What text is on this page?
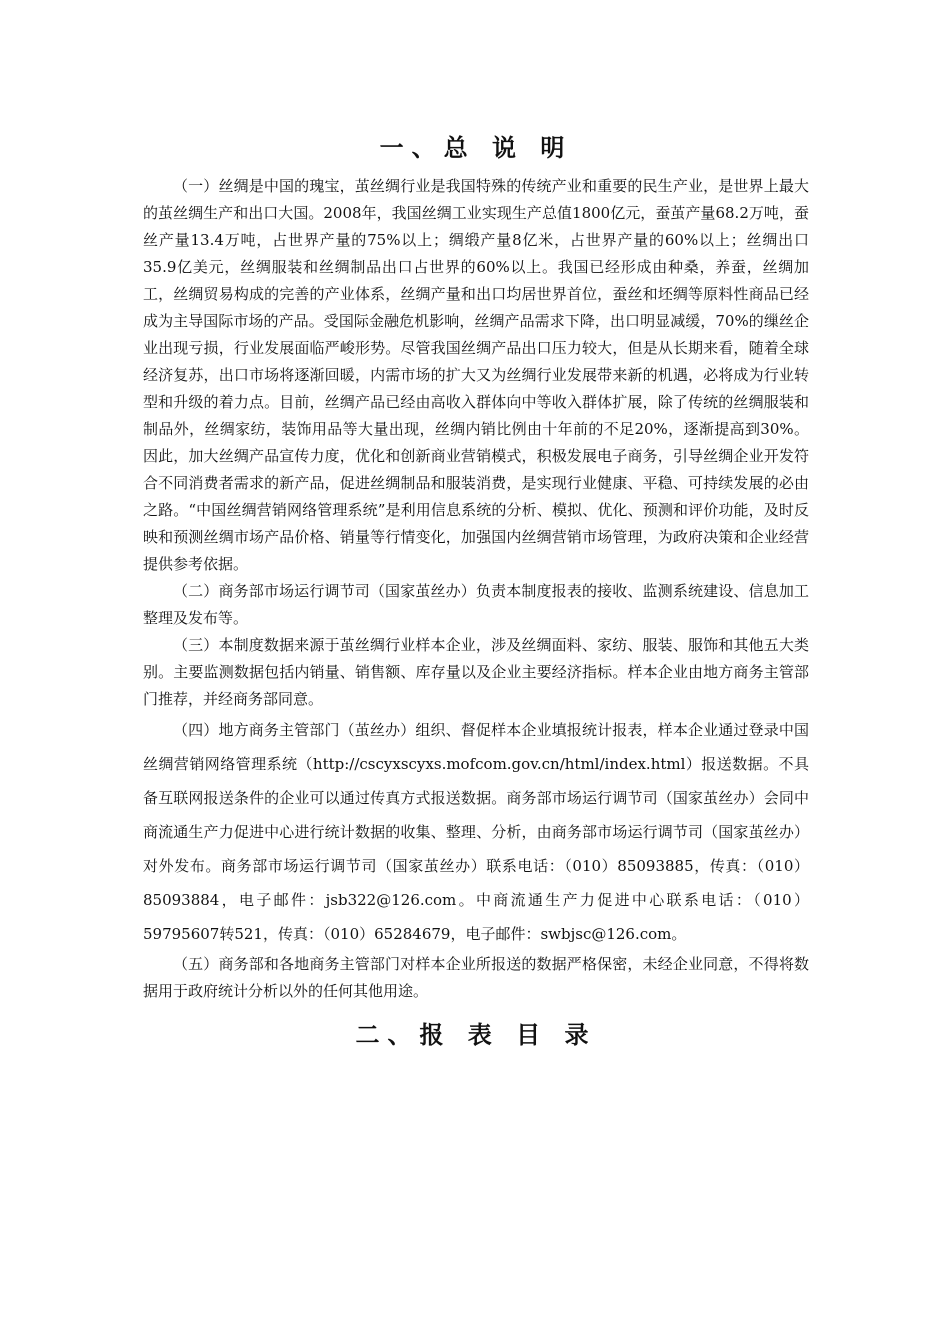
一、总 说 明

（一）丝绸是中国的瑰宝，茧丝绸行业是我国特殊的传统产业和重要的民生产业，是世界上最大的茧丝绸生产和出口大国。2008年，我国丝绸工业实现生产总值1800亿元，蚕茧产量68.2万吨，蚕丝产量13.4万吨，占世界产量的75%以上；绸缎产量8亿米，占世界产量的60%以上；丝绸出口35.9亿美元，丝绸服装和丝绸制品出口占世界的60%以上。我国已经形成由种桑，养蚕，丝绸加工，丝绸贸易构成的完善的产业体系，丝绸产量和出口均居世界首位，蚕丝和坯绸等原料性商品已经成为主导国际市场的产品。受国际金融危机影响，丝绸产品需求下降，出口明显减缓，70%的缫丝企业出现亏损，行业发展面临严峻形势。尽管我国丝绸产品出口压力较大，但是从长期来看，随着全球经济复苏，出口市场将逐渐回暖，内需市场的扩大又为丝绸行业发展带来新的机遇，必将成为行业转型和升级的着力点。目前，丝绸产品已经由高收入群体向中等收入群体扩展，除了传统的丝绸服装和制品外，丝绸家纺，装饰用品等大量出现，丝绸内销比例由十年前的不足20%，逐渐提高到30%。因此，加大丝绸产品宣传力度，优化和创新商业营销模式，积极发展电子商务，引导丝绸企业开发符合不同消费者需求的新产品，促进丝绸制品和服装消费，是实现行业健康、平稳、可持续发展的必由之路。“中国丝绸营销网络管理系统”是利用信息系统的分析、模拟、优化、预测和评价功能，及时反映和预测丝绸市场产品价格、销量等行情变化，加强国内丝绸营销市场管理，为政府决策和企业经营提供参考依据。

（二）商务部市场运行调节司（国家茧丝办）负责本制度报表的接收、监测系统建设、信息加工整理及发布等。

（三）本制度数据来源于茧丝绸行业样本企业，涉及丝绸面料、家纺、服装、服饰和其他五大类别。主要监测数据包括内销量、销售额、库存量以及企业主要经济指标。样本企业由地方商务主管部门推荐，并经商务部同意。

（四）地方商务主管部门（茧丝办）组织、督促样本企业填报统计报表，样本企业通过登录中国丝绸营销网络管理系统（http://cscyxscyxs.mofcom.gov.cn/html/index.html）报送数据。不具备互联网报送条件的企业可以通过传真方式报送数据。商务部市场运行调节司（国家茧丝办）会同中商流通生产力促进中心进行统计数据的收集、整理、分析，由商务部市场运行调节司（国家茧丝办）对外发布。商务部市场运行调节司（国家茧丝办）联系电话：（010）85093885，传真：（010）85093884，电子邮件：jsb322@126.com。中商流通生产力促进中心联系电话：（010）59795607转521，传真：（010）65284679，电子邮件：swbjsc@126.com。

（五）商务部和各地商务主管部门对样本企业所报送的数据严格保密，未经企业同意，不得将数据用于政府统计分析以外的任何其他用途。

二、报 表 目 录
